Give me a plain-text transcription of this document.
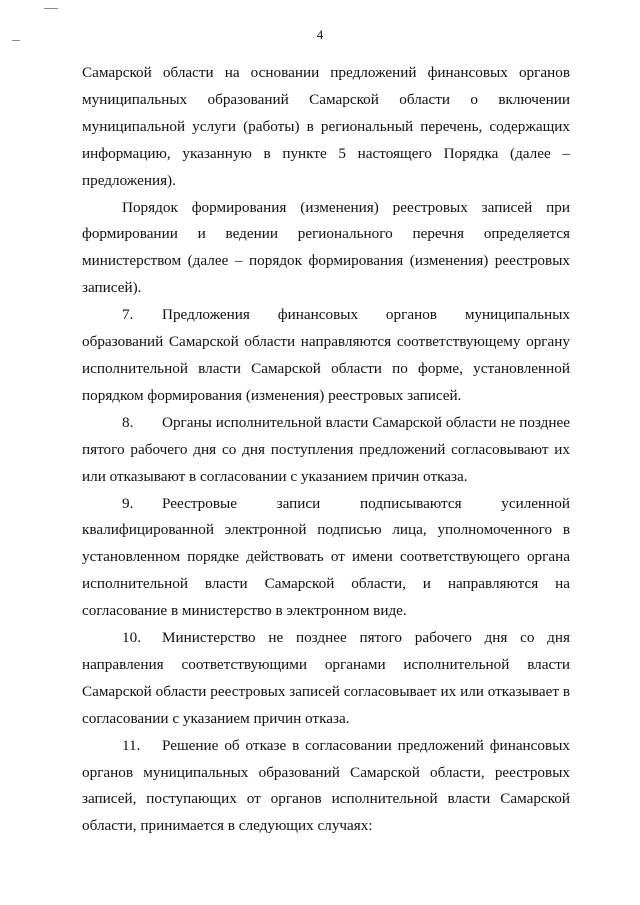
4

Самарской области на основании предложений финансовых органов муниципальных образований Самарской области о включении муниципальной услуги (работы) в региональный перечень, содержащих информацию, указанную в пункте 5 настоящего Порядка (далее – предложения).

Порядок формирования (изменения) реестровых записей при формировании и ведении регионального перечня определяется министерством (далее – порядок формирования (изменения) реестровых записей).

7. Предложения финансовых органов муниципальных образований Самарской области направляются соответствующему органу исполнительной власти Самарской области по форме, установленной порядком формирования (изменения) реестровых записей.

8. Органы исполнительной власти Самарской области не позднее пятого рабочего дня со дня поступления предложений согласовывают их или отказывают в согласовании с указанием причин отказа.

9. Реестровые записи подписываются усиленной квалифицированной электронной подписью лица, уполномоченного в установленном порядке действовать от имени соответствующего органа исполнительной власти Самарской области, и направляются на согласование в министерство в электронном виде.

10. Министерство не позднее пятого рабочего дня со дня направления соответствующими органами исполнительной власти Самарской области реестровых записей согласовывает их или отказывает в согласовании с указанием причин отказа.

11. Решение об отказе в согласовании предложений финансовых органов муниципальных образований Самарской области, реестровых записей, поступающих от органов исполнительной власти Самарской области, принимается в следующих случаях:
